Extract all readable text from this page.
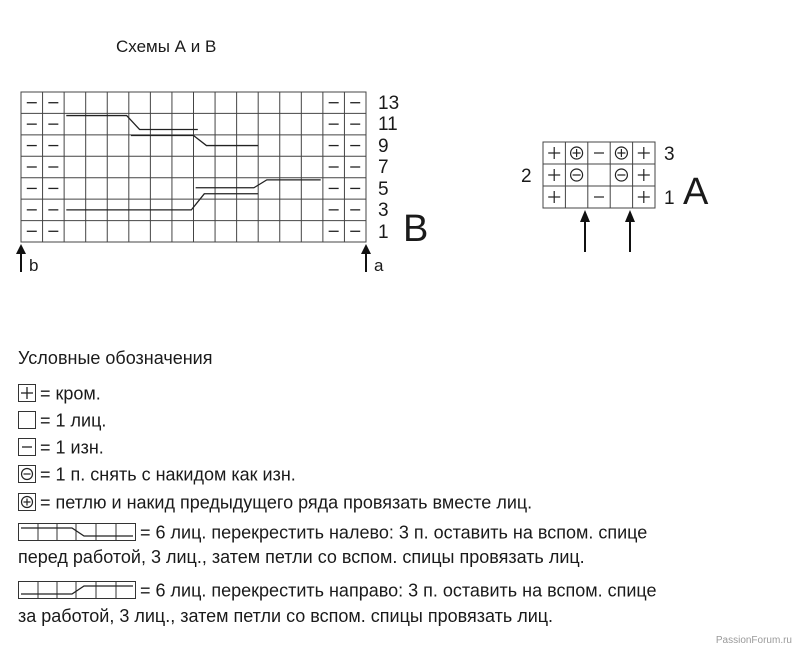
Схемы А и В
13
11
9
7
5
3
1 B
b	a
3
2
1 A
Условные обозначения
= кром.
= 1 лиц.
= 1 изн.
= 1 п. снять с накидом как изн.
= петлю и накид предыдущего ряда провязать вместе лиц.
= 6 лиц. перекрестить налево: 3 п. оставить на вспом. спице
перед работой, 3 лиц., затем петли со вспом. спицы провязать лиц.
= 6 лиц. перекрестить направо: 3 п. оставить на вспом. спице
за работой, 3 лиц., затем петли со вспом. спицы провязать лиц.
PassionForum.ru
